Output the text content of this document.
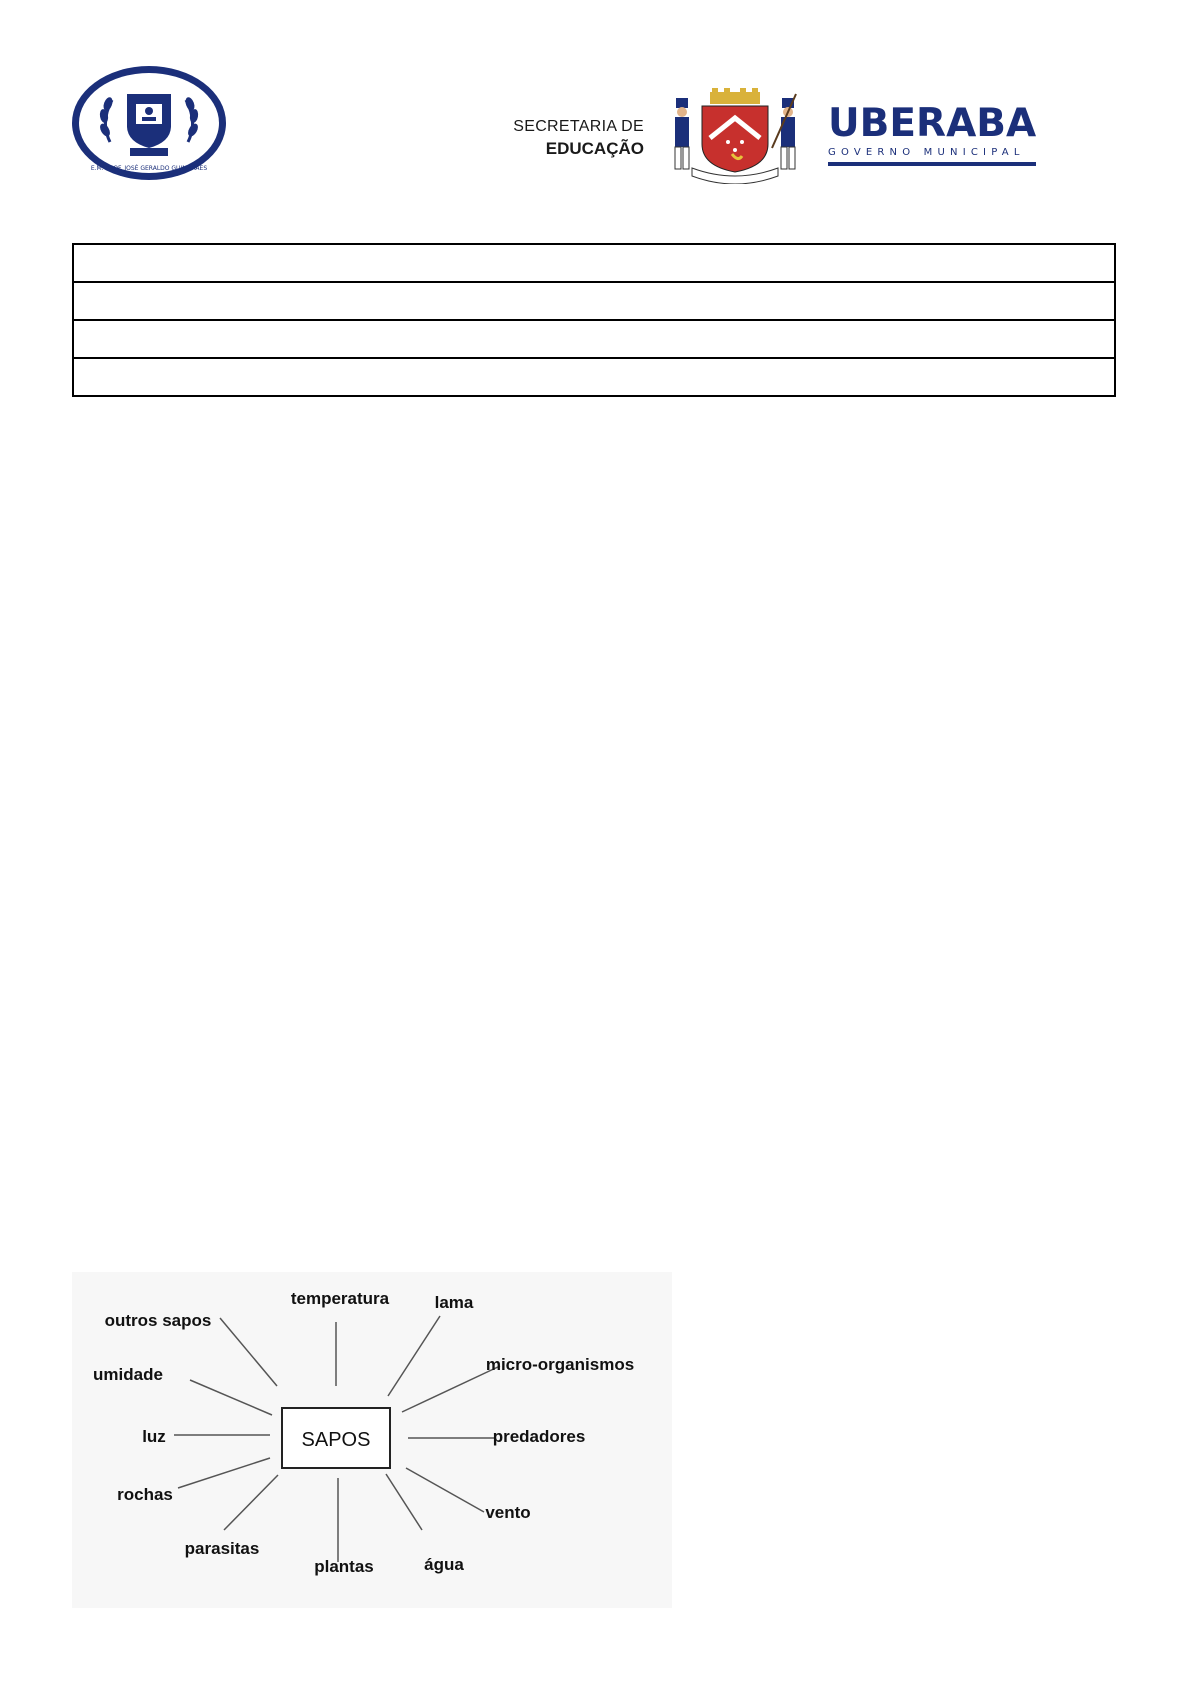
E.M. PROF. JOSÉ GERALDO GUIMARÃES
SECRETARIA DE
EDUCAÇÃO
UBERABA
GOVERNO MUNICIPAL

SAPOS
temperatura	lama
outros sapos
micro-organismos
umidade
luz	predadores
rochas
vento
parasitas
plantas	água
